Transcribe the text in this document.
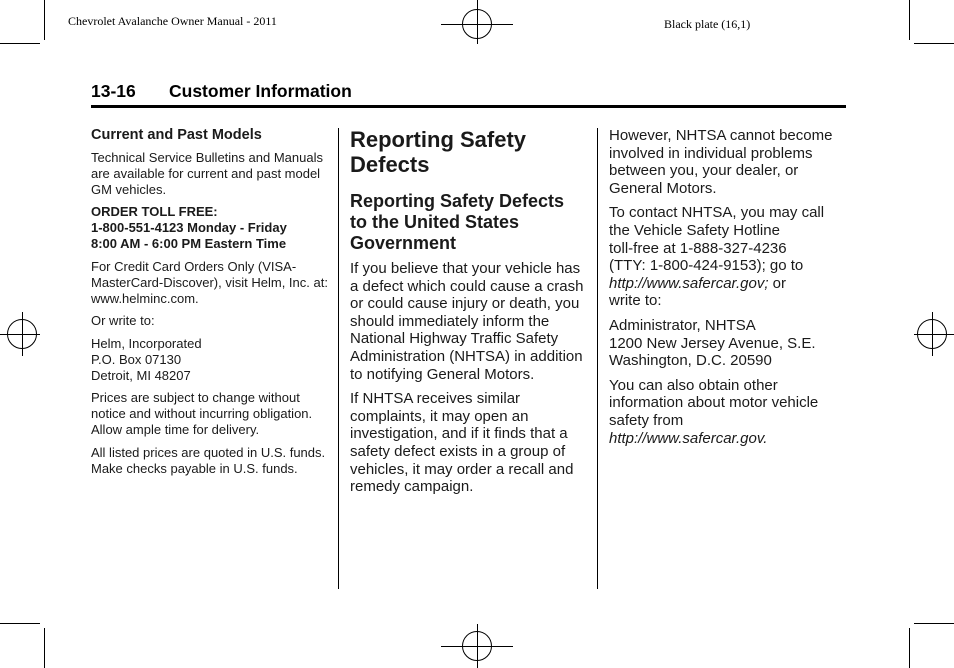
Chevrolet Avalanche Owner Manual - 2011	Black plate (16,1)
13-16 Customer Information

Current and Past Models

Technical Service Bulletins and Manuals are available for current and past model GM vehicles.

ORDER TOLL FREE:
1-800-551-4123 Monday - Friday
8:00 AM - 6:00 PM Eastern Time

For Credit Card Orders Only (VISA-MasterCard-Discover), visit Helm, Inc. at: www.helminc.com.

Or write to:

Helm, Incorporated
P.O. Box 07130
Detroit, MI 48207

Prices are subject to change without notice and without incurring obligation. Allow ample time for delivery.

All listed prices are quoted in U.S. funds. Make checks payable in U.S. funds.

Reporting Safety
Defects
Reporting Safety Defects
to the United States
Government

If you believe that your vehicle has a defect which could cause a crash or could cause injury or death, you should immediately inform the National Highway Traffic Safety Administration (NHTSA) in addition to notifying General Motors.

If NHTSA receives similar complaints, it may open an investigation, and if it finds that a safety defect exists in a group of vehicles, it may order a recall and remedy campaign.

However, NHTSA cannot become involved in individual problems between you, your dealer, or General Motors.

To contact NHTSA, you may call the Vehicle Safety Hotline
toll-free at 1-888-327-4236
(TTY: 1-800-424-9153); go to
http://www.safercar.gov; or
write to:

Administrator, NHTSA
1200 New Jersey Avenue, S.E.
Washington, D.C. 20590

You can also obtain other information about motor vehicle safety from
http://www.safercar.gov.
